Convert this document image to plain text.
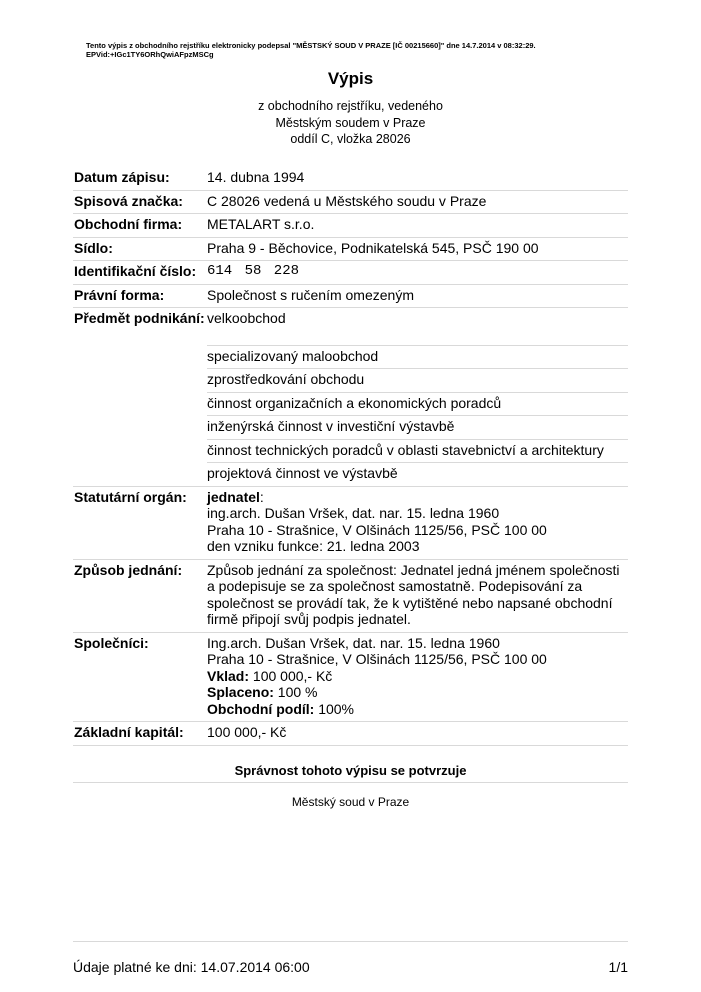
Tento výpis z obchodního rejstříku elektronicky podepsal "MĚSTSKÝ SOUD V PRAZE [IČ 00215660]" dne 14.7.2014 v 08:32:29.
EPVid:+IGc1TY6ORhQwiAFpzMSCg
Výpis
z obchodního rejstříku, vedeného
Městským soudem v Praze
oddíl C, vložka 28026
Datum zápisu:	14. dubna 1994
Spisová značka:	C 28026 vedená u Městského soudu v Praze
Obchodní firma:	METALART s.r.o.
Sídlo:	Praha 9 - Běchovice, Podnikatelská 545, PSČ 190 00
Identifikační číslo: 614 58 228
Právní forma:	Společnost s ručením omezeným
Předmět podnikání: velkoobchod
specializovaný maloobchod
zprostředkování obchodu
činnost organizačních a ekonomických poradců
inženýrská činnost v investiční výstavbě
činnost technických poradců v oblasti stavebnictví a architektury
projektová činnost ve výstavbě
Statutární orgán:	jednatel:
ing.arch. Dušan Vršek, dat. nar. 15. ledna 1960
Praha 10 - Strašnice, V Olšinách 1125/56, PSČ 100 00
den vzniku funkce: 21. ledna 2003
Způsob jednání:	Způsob jednání za společnost: Jednatel jedná jménem společnosti a podepisuje se za společnost samostatně. Podepisování za společnost se provádí tak, že k vytištěné nebo napsané obchodní firmě připojí svůj podpis jednatel.
Společníci:	Ing.arch. Dušan Vršek, dat. nar. 15. ledna 1960
Praha 10 - Strašnice, V Olšinách 1125/56, PSČ 100 00
Vklad: 100 000,- Kč
Splaceno: 100 %
Obchodní podíl: 100%
Základní kapitál:	100 000,- Kč
Správnost tohoto výpisu se potvrzuje
Městský soud v Praze
Údaje platné ke dni: 14.07.2014 06:00	1/1
